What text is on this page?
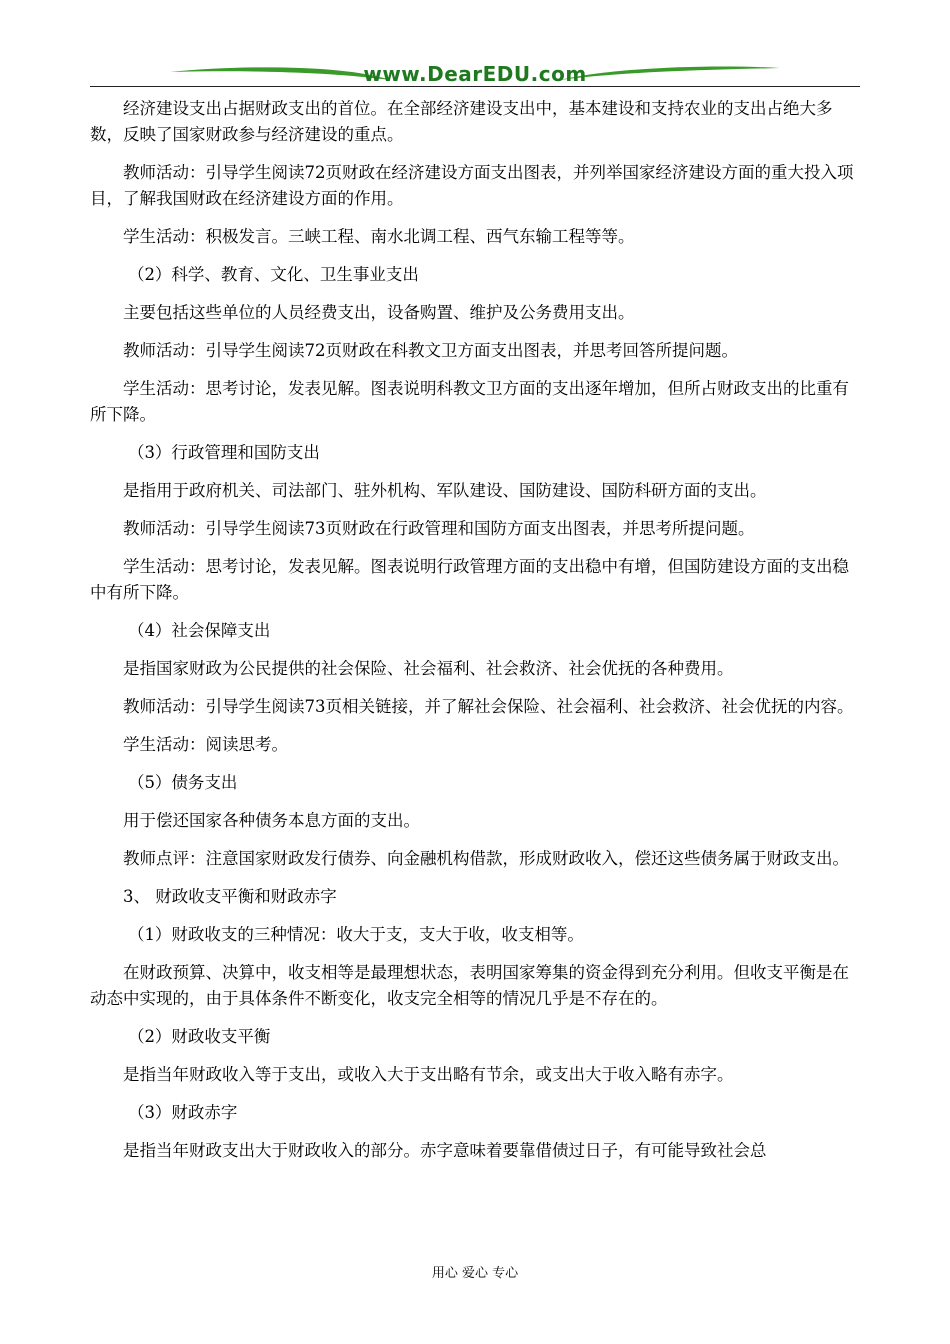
www.DearEDU.com

经济建设支出占据财政支出的首位。在全部经济建设支出中，基本建设和支持农业的支出占绝大多数，反映了国家财政参与经济建设的重点。

教师活动：引导学生阅读72页财政在经济建设方面支出图表，并列举国家经济建设方面的重大投入项目，了解我国财政在经济建设方面的作用。

学生活动：积极发言。三峡工程、南水北调工程、西气东输工程等等。

（2）科学、教育、文化、卫生事业支出

主要包括这些单位的人员经费支出，设备购置、维护及公务费用支出。

教师活动：引导学生阅读72页财政在科教文卫方面支出图表，并思考回答所提问题。

学生活动：思考讨论，发表见解。图表说明科教文卫方面的支出逐年增加，但所占财政支出的比重有所下降。

（3）行政管理和国防支出

是指用于政府机关、司法部门、驻外机构、军队建设、国防建设、国防科研方面的支出。

教师活动：引导学生阅读73页财政在行政管理和国防方面支出图表，并思考所提问题。

学生活动：思考讨论，发表见解。图表说明行政管理方面的支出稳中有增，但国防建设方面的支出稳中有所下降。

（4）社会保障支出

是指国家财政为公民提供的社会保险、社会福利、社会救济、社会优抚的各种费用。

教师活动：引导学生阅读73页相关链接，并了解社会保险、社会福利、社会救济、社会优抚的内容。

学生活动：阅读思考。

（5）债务支出

用于偿还国家各种债务本息方面的支出。

教师点评：注意国家财政发行债券、向金融机构借款，形成财政收入，偿还这些债务属于财政支出。

3、 财政收支平衡和财政赤字

（1）财政收支的三种情况：收大于支，支大于收，收支相等。

在财政预算、决算中，收支相等是最理想状态，表明国家筹集的资金得到充分利用。但收支平衡是在动态中实现的，由于具体条件不断变化，收支完全相等的情况几乎是不存在的。

（2）财政收支平衡

是指当年财政收入等于支出，或收入大于支出略有节余，或支出大于收入略有赤字。

（3）财政赤字

是指当年财政支出大于财政收入的部分。赤字意味着要靠借债过日子，有可能导致社会总

用心 爱心 专心
